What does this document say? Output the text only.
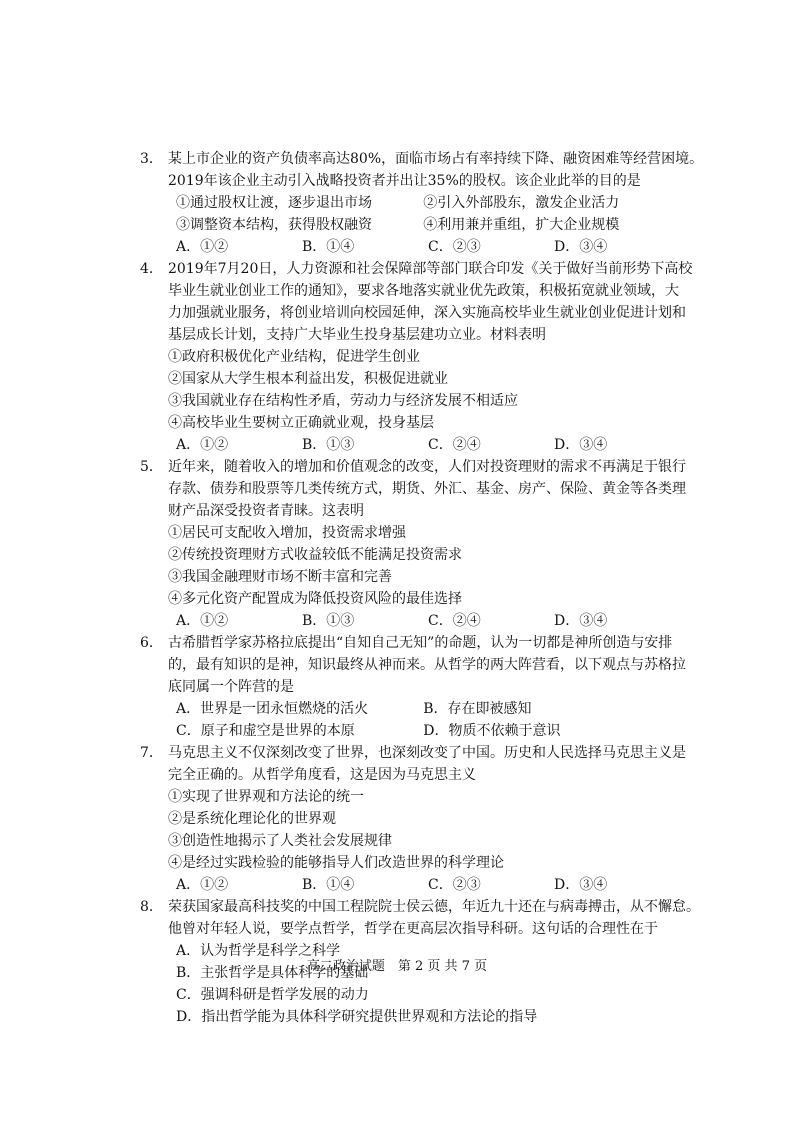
3． 某上市企业的资产负债率高达80%，面临市场占有率持续下降、融资困难等经营困境。
2019年该企业主动引入战略投资者并出让35%的股权。该企业此举的目的是
①通过股权让渡，逐步退出市场	②引入外部股东，激发企业活力
③调整资本结构，获得股权融资	④利用兼并重组，扩大企业规模
A．①②	B．①④	C．②③	D．③④
4． 2019年7月20日，人力资源和社会保障部等部门联合印发《关于做好当前形势下高校
毕业生就业创业工作的通知》，要求各地落实就业优先政策，积极拓宽就业领域，大
力加强就业服务，将创业培训向校园延伸，深入实施高校毕业生就业创业促进计划和
基层成长计划，支持广大毕业生投身基层建功立业。材料表明
①政府积极优化产业结构，促进学生创业
②国家从大学生根本利益出发，积极促进就业
③我国就业存在结构性矛盾，劳动力与经济发展不相适应
④高校毕业生要树立正确就业观，投身基层
A．①②	B．①③	C．②④	D．③④
5． 近年来，随着收入的增加和价值观念的改变，人们对投资理财的需求不再满足于银行
存款、债券和股票等几类传统方式，期货、外汇、基金、房产、保险、黄金等各类理
财产品深受投资者青睐。这表明
①居民可支配收入增加，投资需求增强
②传统投资理财方式收益较低不能满足投资需求
③我国金融理财市场不断丰富和完善
④多元化资产配置成为降低投资风险的最佳选择
A．①②	B．①③	C．②④	D．③④
6． 古希腊哲学家苏格拉底提出“自知自己无知”的命题，认为一切都是神所创造与安排
的，最有知识的是神，知识最终从神而来。从哲学的两大阵营看，以下观点与苏格拉
底同属一个阵营的是
A．世界是一团永恒燃烧的活火	B．存在即被感知
C．原子和虚空是世界的本原	D．物质不依赖于意识
7． 马克思主义不仅深刻改变了世界，也深刻改变了中国。历史和人民选择马克思主义是
完全正确的。从哲学角度看，这是因为马克思主义
①实现了世界观和方法论的统一
②是系统化理论化的世界观
③创造性地揭示了人类社会发展规律
④是经过实践检验的能够指导人们改造世界的科学理论
A．①②	B．①④	C．②③	D．③④
8． 荣获国家最高科技奖的中国工程院院士侯云德，年近九十还在与病毒搏击，从不懈怠。
他曾对年轻人说，要学点哲学，哲学在更高层次指导科研。这句话的合理性在于
A．认为哲学是科学之科学
B．主张哲学是具体科学的基础
C．强调科研是哲学发展的动力
D．指出哲学能为具体科学研究提供世界观和方法论的指导
高二政治试题　第 2 页 共 7 页
